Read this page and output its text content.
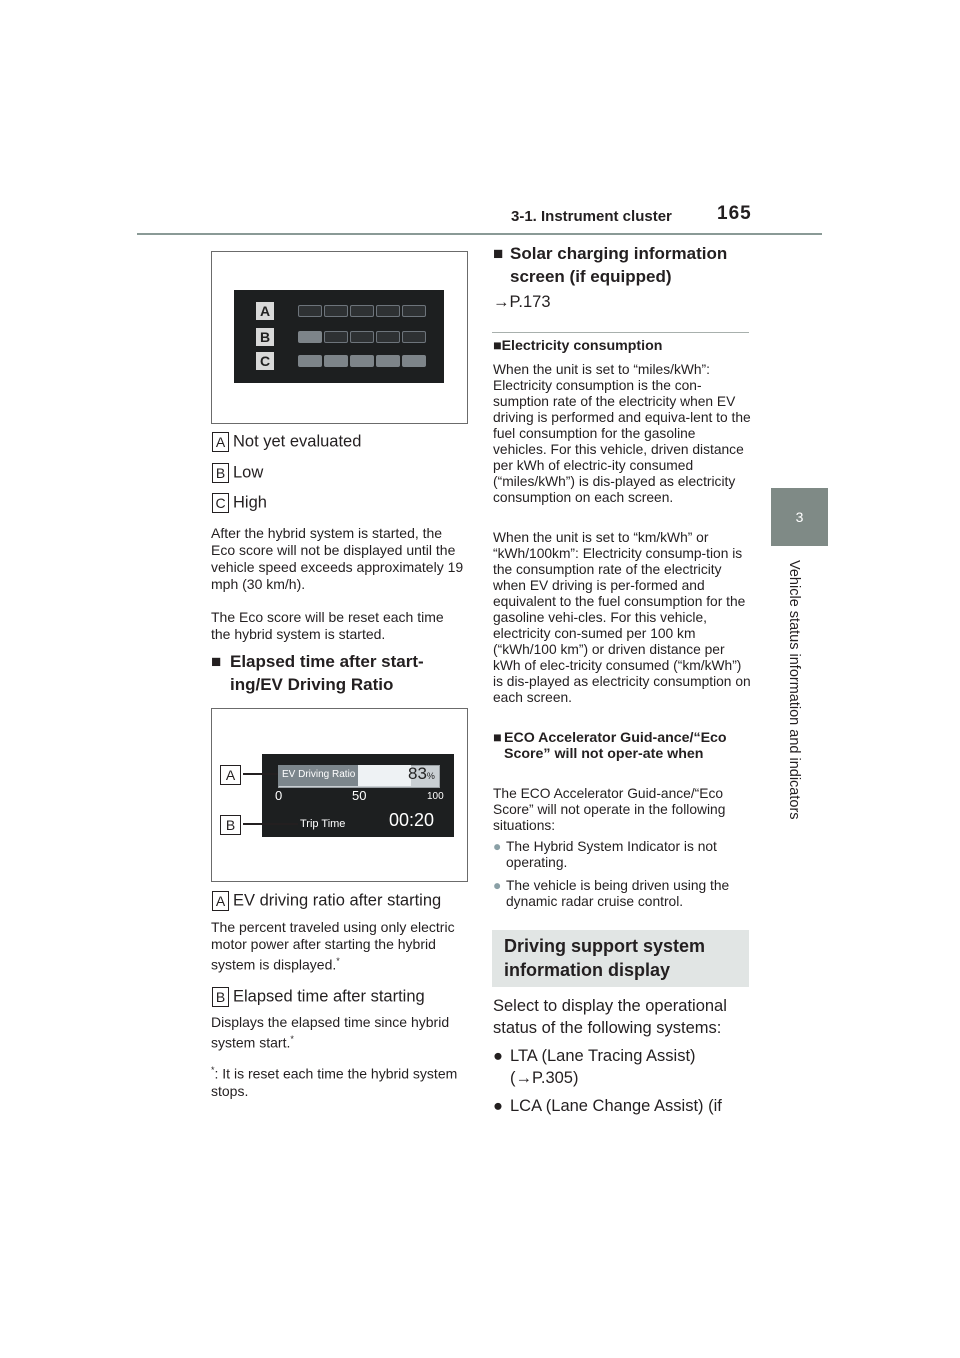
3-1. Instrument cluster 165
3
Vehicle status information and indicators
A
B
C
A Not yet evaluated
B Low
C High
After the hybrid system is started, the Eco score will not be displayed until the vehicle speed exceeds approximately 19 mph (30 km/h).
The Eco score will be reset each time the hybrid system is started.
■ Elapsed time after start-ing/EV Driving Ratio
EV Driving Ratio	83%
0	50	100
Trip Time 00:20
A
B
A EV driving ratio after starting
The percent traveled using only electric motor power after starting the hybrid system is displayed.*
B Elapsed time after starting
Displays the elapsed time since hybrid system start.*
*: It is reset each time the hybrid system stops.
■ Solar charging information screen (if equipped)
→P.173
■Electricity consumption
When the unit is set to “miles/kWh”: Electricity consumption is the con-sumption rate of the electricity when EV driving is performed and equiva-lent to the fuel consumption for the gasoline vehicles. For this vehicle, driven distance per kWh of electric-ity consumed (“miles/kWh”) is dis-played as electricity consumption on each screen.
When the unit is set to “km/kWh” or “kWh/100km”: Electricity consump-tion is the consumption rate of the electricity when EV driving is per-formed and equivalent to the fuel consumption for the gasoline vehi-cles. For this vehicle, electricity con-sumed per 100 km (“kWh/100 km”) or driven distance per kWh of elec-tricity consumed (“km/kWh”) is dis-played as electricity consumption on each screen.
■ ECO Accelerator Guid-ance/“Eco Score” will not oper-ate when
The ECO Accelerator Guid-ance/“Eco Score” will not operate in the following situations:
● The Hybrid System Indicator is not operating.
● The vehicle is being driven using the dynamic radar cruise control.
Driving support system information display
Select to display the operational status of the following systems:
● LTA (Lane Tracing Assist)
(→P.305)
● LCA (Lane Change Assist) (if
